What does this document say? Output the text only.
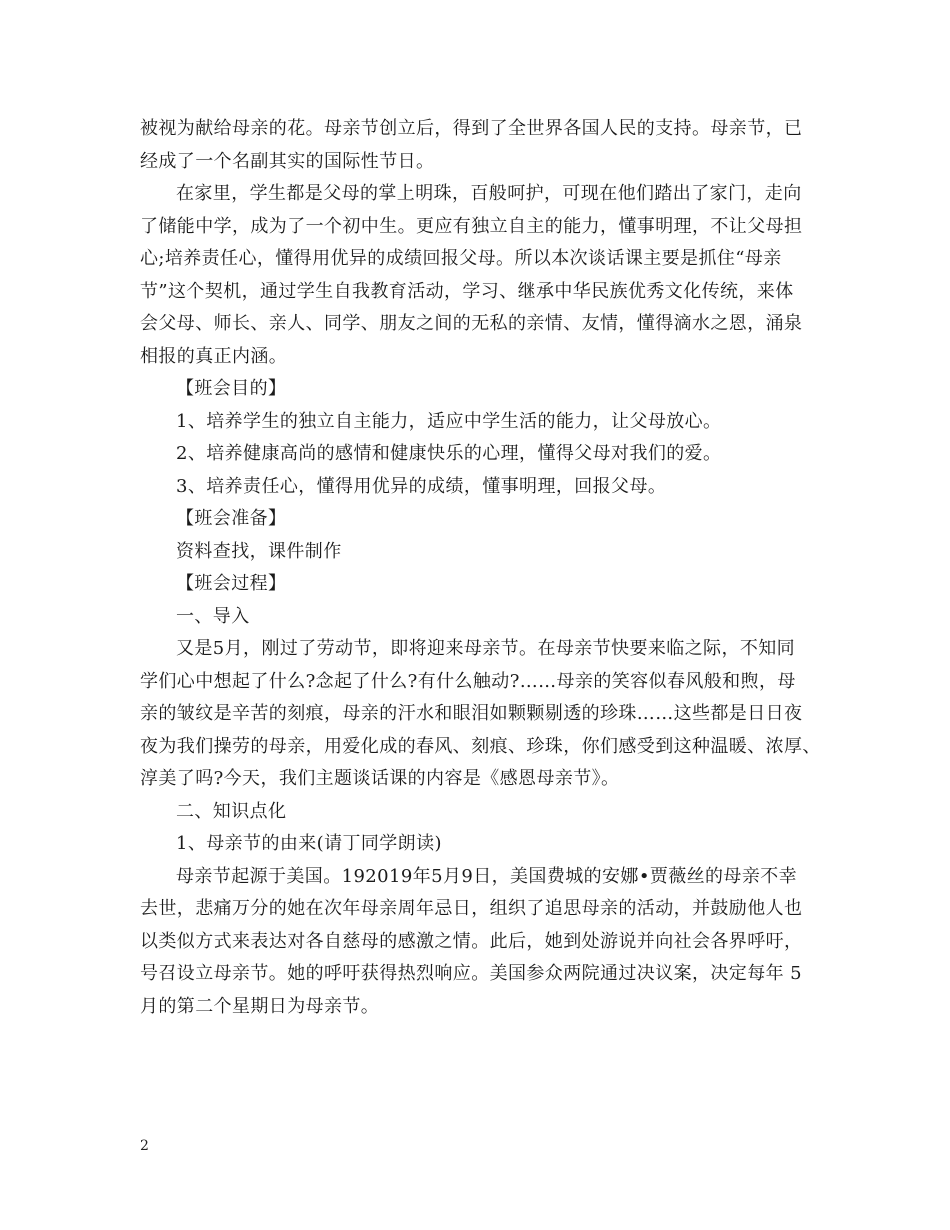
被视为献给母亲的花。母亲节创立后，得到了全世界各国人民的支持。母亲节，已
经成了一个名副其实的国际性节日。
在家里，学生都是父母的掌上明珠，百般呵护，可现在他们踏出了家门，走向
了储能中学，成为了一个初中生。更应有独立自主的能力，懂事明理，不让父母担
心;培养责任心，懂得用优异的成绩回报父母。所以本次谈话课主要是抓住“母亲
节”这个契机，通过学生自我教育活动，学习、继承中华民族优秀文化传统，来体
会父母、师长、亲人、同学、朋友之间的无私的亲情、友情，懂得滴水之恩，涌泉
相报的真正内涵。
【班会目的】
1、培养学生的独立自主能力，适应中学生活的能力，让父母放心。
2、培养健康高尚的感情和健康快乐的心理，懂得父母对我们的爱。
3、培养责任心，懂得用优异的成绩，懂事明理，回报父母。
【班会准备】
资料查找，课件制作
【班会过程】
一、导入
又是5月，刚过了劳动节，即将迎来母亲节。在母亲节快要来临之际，不知同
学们心中想起了什么?念起了什么?有什么触动?……母亲的笑容似春风般和煦，母
亲的皱纹是辛苦的刻痕，母亲的汗水和眼泪如颗颗剔透的珍珠……这些都是日日夜
夜为我们操劳的母亲，用爱化成的春风、刻痕、珍珠，你们感受到这种温暖、浓厚、
淳美了吗?今天，我们主题谈话课的内容是《感恩母亲节》。
二、知识点化
1、母亲节的由来(请丁同学朗读)
母亲节起源于美国。192019年5月9日，美国费城的安娜•贾薇丝的母亲不幸
去世，悲痛万分的她在次年母亲周年忌日，组织了追思母亲的活动，并鼓励他人也
以类似方式来表达对各自慈母的感激之情。此后，她到处游说并向社会各界呼吁，
号召设立母亲节。她的呼吁获得热烈响应。美国参众两院通过决议案，决定每年 5
月的第二个星期日为母亲节。
2
